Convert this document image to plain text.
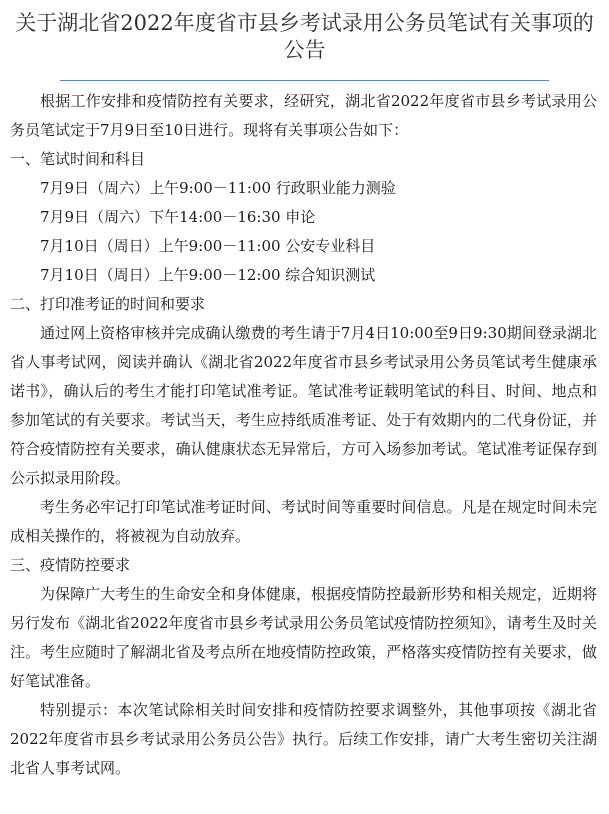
关于湖北省2022年度省市县乡考试录用公务员笔试有关事项的公告

根据工作安排和疫情防控有关要求，经研究，湖北省2022年度省市县乡考试录用公务员笔试定于7月9日至10日进行。现将有关事项公告如下：

一、笔试时间和科目

7月9日（周六）上午9:00－11:00 行政职业能力测验

7月9日（周六）下午14:00－16:30 申论

7月10日（周日）上午9:00－11:00 公安专业科目

7月10日（周日）上午9:00－12:00 综合知识测试

二、打印准考证的时间和要求

通过网上资格审核并完成确认缴费的考生请于7月4日10:00至9日9:30期间登录湖北省人事考试网，阅读并确认《湖北省2022年度省市县乡考试录用公务员笔试考生健康承诺书》，确认后的考生才能打印笔试准考证。笔试准考证载明笔试的科目、时间、地点和参加笔试的有关要求。考试当天，考生应持纸质准考证、处于有效期内的二代身份证，并符合疫情防控有关要求，确认健康状态无异常后，方可入场参加考试。笔试准考证保存到公示拟录用阶段。

考生务必牢记打印笔试准考证时间、考试时间等重要时间信息。凡是在规定时间未完成相关操作的，将被视为自动放弃。

三、疫情防控要求

为保障广大考生的生命安全和身体健康，根据疫情防控最新形势和相关规定，近期将另行发布《湖北省2022年度省市县乡考试录用公务员笔试疫情防控须知》，请考生及时关注。考生应随时了解湖北省及考点所在地疫情防控政策，严格落实疫情防控有关要求，做好笔试准备。

特别提示：本次笔试除相关时间安排和疫情防控要求调整外，其他事项按《湖北省2022年度省市县乡考试录用公务员公告》执行。后续工作安排，请广大考生密切关注湖北省人事考试网。
